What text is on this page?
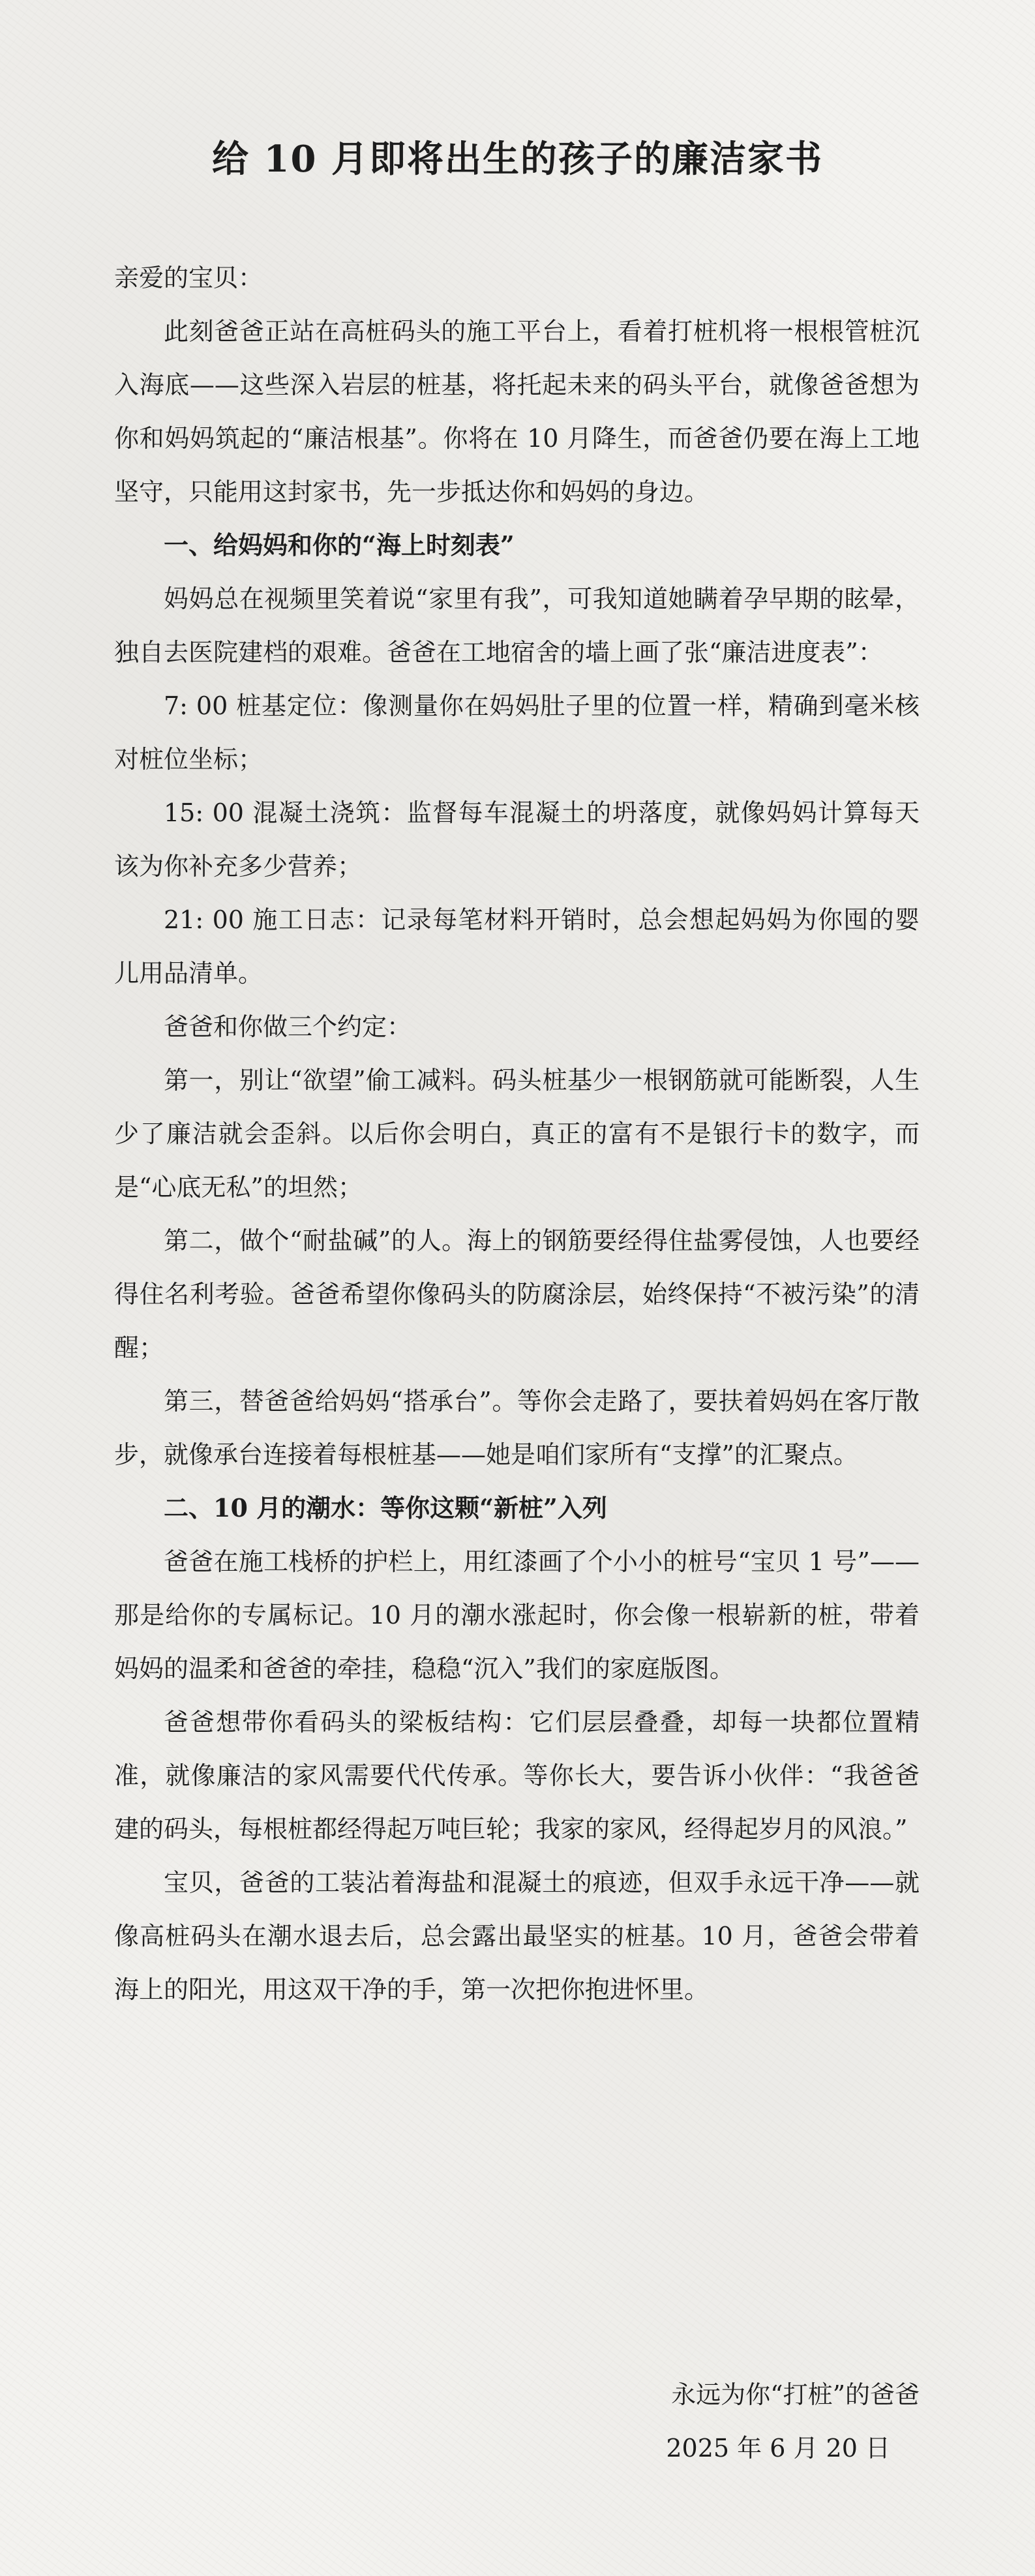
给 10 月即将出生的孩子的廉洁家书

亲爱的宝贝：

此刻爸爸正站在高桩码头的施工平台上，看着打桩机将一根根管桩沉入海底——这些深入岩层的桩基，将托起未来的码头平台，就像爸爸想为你和妈妈筑起的“廉洁根基”。你将在 10 月降生，而爸爸仍要在海上工地坚守，只能用这封家书，先一步抵达你和妈妈的身边。

一、给妈妈和你的“海上时刻表”

妈妈总在视频里笑着说“家里有我”，可我知道她瞒着孕早期的眩晕，独自去医院建档的艰难。爸爸在工地宿舍的墙上画了张“廉洁进度表”：

7: 00 桩基定位：像测量你在妈妈肚子里的位置一样，精确到毫米核对桩位坐标；

15: 00 混凝土浇筑：监督每车混凝土的坍落度，就像妈妈计算每天该为你补充多少营养；

21: 00 施工日志：记录每笔材料开销时，总会想起妈妈为你囤的婴儿用品清单。

爸爸和你做三个约定：

第一，别让“欲望”偷工减料。码头桩基少一根钢筋就可能断裂，人生少了廉洁就会歪斜。以后你会明白，真正的富有不是银行卡的数字，而是“心底无私”的坦然；

第二，做个“耐盐碱”的人。海上的钢筋要经得住盐雾侵蚀，人也要经得住名利考验。爸爸希望你像码头的防腐涂层，始终保持“不被污染”的清醒；

第三，替爸爸给妈妈“搭承台”。等你会走路了，要扶着妈妈在客厅散步，就像承台连接着每根桩基——她是咱们家所有“支撑”的汇聚点。

二、10 月的潮水：等你这颗“新桩”入列

爸爸在施工栈桥的护栏上，用红漆画了个小小的桩号“宝贝 1 号”——那是给你的专属标记。10 月的潮水涨起时，你会像一根崭新的桩，带着妈妈的温柔和爸爸的牵挂，稳稳“沉入”我们的家庭版图。

爸爸想带你看码头的梁板结构：它们层层叠叠，却每一块都位置精准，就像廉洁的家风需要代代传承。等你长大，要告诉小伙伴：“我爸爸建的码头，每根桩都经得起万吨巨轮；我家的家风，经得起岁月的风浪。”

宝贝，爸爸的工装沾着海盐和混凝土的痕迹，但双手永远干净——就像高桩码头在潮水退去后，总会露出最坚实的桩基。10 月，爸爸会带着海上的阳光，用这双干净的手，第一次把你抱进怀里。

永远为你“打桩”的爸爸
2025 年 6 月 20 日
